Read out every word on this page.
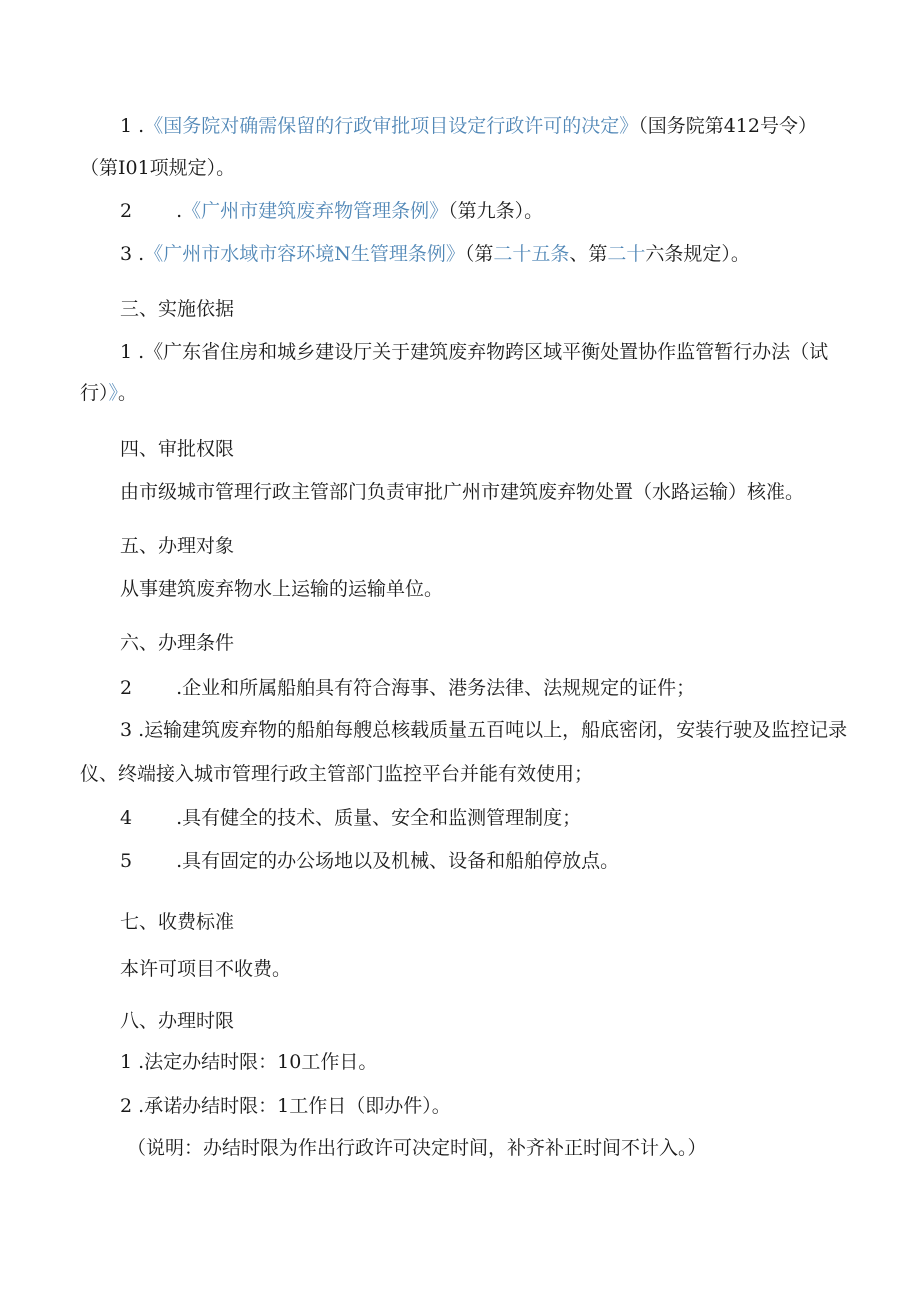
1 .《国务院对确需保留的行政审批项目设定行政许可的决定》（国务院第412号令）
（第I01项规定）。
2 .《广州市建筑废弃物管理条例》（第九条）。
3 .《广州市水域市容环境N生管理条例》（第二十五条、第二十六条规定）。
三、实施依据
1 .《广东省住房和城乡建设厅关于建筑废弃物跨区域平衡处置协作监管暂行办法（试
行）》。
四、审批权限
由市级城市管理行政主管部门负责审批广州市建筑废弃物处置（水路运输）核准。
五、办理对象
从事建筑废弃物水上运输的运输单位。
六、办理条件
2 .企业和所属船舶具有符合海事、港务法律、法规规定的证件；
3 .运输建筑废弃物的船舶每艘总核载质量五百吨以上，船底密闭，安装行驶及监控记录
仪、终端接入城市管理行政主管部门监控平台并能有效使用；
4 .具有健全的技术、质量、安全和监测管理制度；
5 .具有固定的办公场地以及机械、设备和船舶停放点。
七、收费标准
本许可项目不收费。
八、办理时限
1 .法定办结时限：10工作日。
2 .承诺办结时限：1工作日（即办件）。
（说明：办结时限为作出行政许可决定时间，补齐补正时间不计入。）
